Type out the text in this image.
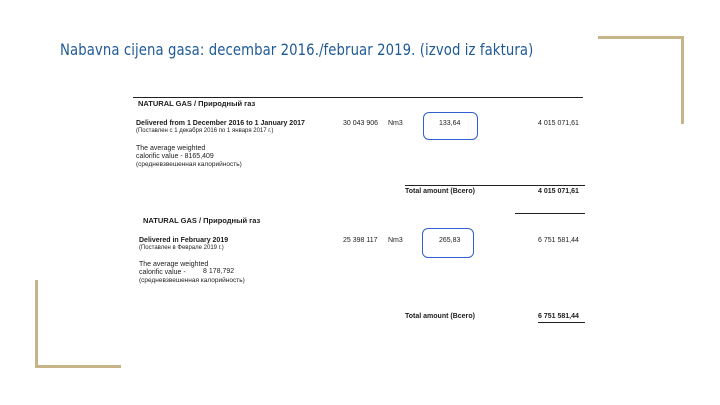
Nabavna cijena gasa: decembar 2016./februar 2019. (izvod iz faktura)
NATURAL GAS / Природный газ
Delivered from 1 December 2016 to 1 January 2017
(Поставлен с 1 декабря 2016 по 1 января 2017 г.)
The average weighted
calorific value - 8165,409
(средневзвешенная калорийность)
30 043 906 Nm3	133,64	4 015 071,61
Total amount (Всего)	4 015 071,61
NATURAL GAS / Природный газ
Delivered in February 2019
(Поставлен в Феврале 2019 г.)
The average weighted
calorific value - 8 178,792
(средневзвешенная калорийность)
25 398 117 Nm3	265,83	6 751 581,44
Total amount (Всего)	6 751 581,44
